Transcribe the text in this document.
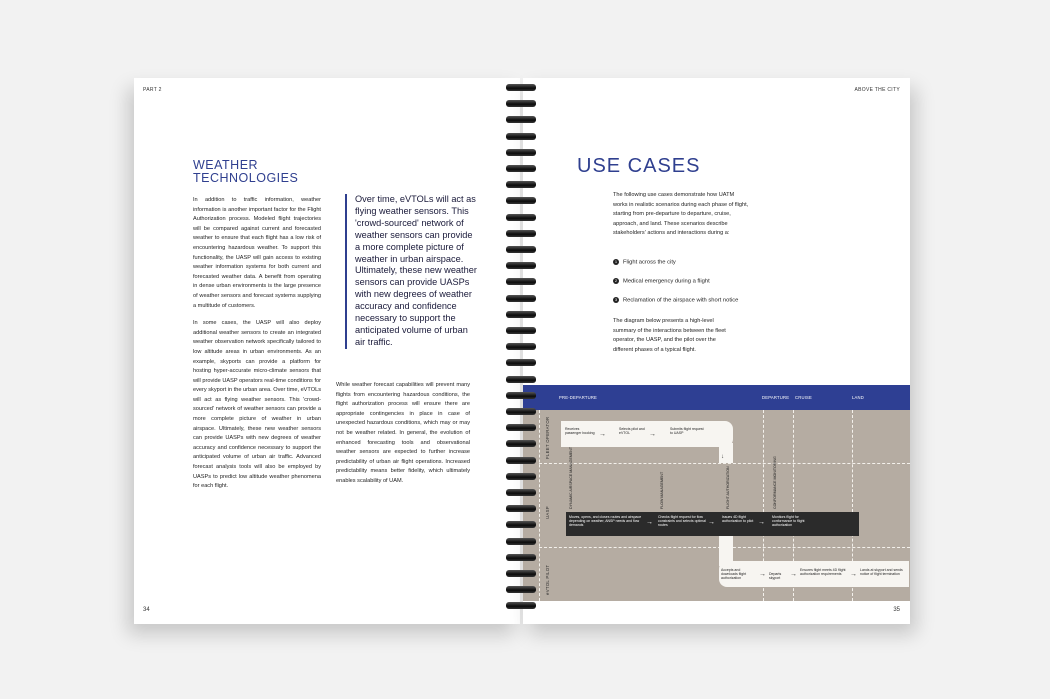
PART 2
WEATHER
TECHNOLOGIES

In addition to traffic information, weather information is another important factor for the Flight Authorization process. Modeled flight trajectories will be compared against current and forecasted weather to ensure that each flight has a low risk of encountering hazardous weather. To support this functionality, the UASP will gain access to existing weather information systems for both current and forecasted weather data. A benefit from operating in dense urban environments is the large presence of weather sensors and forecast systems supplying a multitude of customers.

In some cases, the UASP will also deploy additional weather sensors to create an integrated weather observation network specifically tailored to low altitude areas in urban environments. As an example, skyports can provide a platform for hosting hyper-accurate micro-climate sensors that will provide UASP operators real-time conditions for every skyport in the urban area. Over time, eVTOLs will act as flying weather sensors. This 'crowd-sourced' network of weather sensors can provide a more complete picture of weather in urban airspace. Ultimately, these new weather sensors can provide UASPs with new degrees of weather accuracy and confidence necessary to support the anticipated volume of urban air traffic. Advanced forecast analysis tools will also be employed by UASPs to predict low altitude weather phenomena for each flight.

Over time, eVTOLs will act as flying weather sensors. This 'crowd-sourced' network of weather sensors can provide a more complete picture of weather in urban airspace. Ultimately, these new weather sensors can provide UASPs with new degrees of weather accuracy and confidence necessary to support the anticipated volume of urban air traffic.

While weather forecast capabilities will prevent many flights from encountering hazardous conditions, the flight authorization process will ensure there are appropriate contingencies in place in case of unexpected hazardous conditions, which may or may not be weather related. In general, the evolution of enhanced forecasting tools and observational weather sensors are expected to further increase predictability of urban air flight operations. Increased predictability means better fidelity, which ultimately enables scalability of UAM.

34
ABOVE THE CITY
USE CASES
The following use cases demonstrate how UATM works in realistic scenarios during each phase of flight, starting from pre-departure to departure, cruise, approach, and land. These scenarios describe stakeholders' actions and interactions during a:
1 Flight across the city
2 Medical emergency during a flight
3 Reclamation of the airspace with short notice
The diagram below presents a high-level summary of the interactions between the fleet operator, the UASP, and the pilot over the different phases of a typical flight.
PRE-DEPARTURE	DEPARTURE CRUISE	LAND
FLEET OPERATOR
UASP
eVTOL PILOT
Receives passenger booking →
Selects pilot and eVTOL	→
Submits flight request to UASP
↓
DYNAMIC AIRSPACE MANAGEMENT	FLOW MANAGEMENT	FLIGHT AUTHORIZATION	CONFORMANCE MONITORING
Moves, opens, and closes routes and airspace depending on weather, ANSP needs and flow demands	→
Checks flight request for flow constraints and selects optimal routes	→
Issues 4D flight authorization to pilot →
Monitors flight for conformance to flight authorization
Accepts and downloads flight authorization
→ Departs skyport
→
Ensures flight meets 4D flight authorization requirements	→
Lands at skyport and sends notice of flight termination
35
